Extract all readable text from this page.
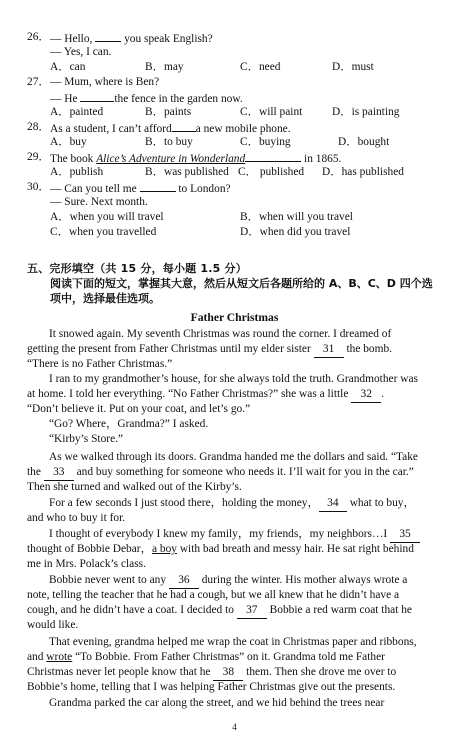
26． — Hello,  you speak English?
— Yes, I can.
A．can	B．may	C．need	D．must
27． — Mum, where is Ben?
— He	the fence in the garden now.
A．painted	B．paints	C．will paint	D．is painting
28． As a student, I can’t afford a new mobile phone.
A．buy	B．to buy	C．buying	D．bought
29． The book Alice’s Adventure in Wonderland	in 1865.
A．publish	B．was published C． published D．has published
30． — Can you tell me	to London?
— Sure. Next month.
A．when you will travel	B．when will you travel
C．when you travelled	D．when did you travel
五、完形填空（共 15 分，每小题 1.5 分）
阅读下面的短文，掌握其大意，然后从短文后各题所给的 A、B、C、D 四个选项中，选择最佳选项。
Father Christmas
It snowed again. My seventh Christmas was round the corner. I dreamed of
getting the present from Father Christmas until my elder sister 31 the bomb.
“There is no Father Christmas.”
I ran to my grandmother’s house, for she always told the truth. Grandmother was
at home. I told her everything. “No Father Christmas?” she was a little 32 .
“Don’t believe it. Put on your coat, and let’s go.”
“Go? Where，Grandma?” I asked.
“Kirby’s Store.”
As we walked through its doors. Grandma handed me the dollars and said. “Take
the 33 and buy something for someone who needs it. I’ll wait for you in the car.”
Then she turned and walked out of the Kirby’s.
For a few seconds I just stood there，holding the money， 34 what to buy，
and who to buy it for.
I thought of everybody I knew my family，my friends，my neighbors…I 35
thought of Bobbie Debar，a boy with bad breath and messy hair. He sat right behind
me in Mrs. Polack’s class.
Bobbie never went to any 36 during the winter. His mother always wrote a
note, telling the teacher that he had a cough, but we all knew that he didn’t have a
cough, and he didn’t have a coat. I decided to 37 Bobbie a red warm coat that he
would like.
That evening, grandma helped me wrap the coat in Christmas paper and ribbons,
and wrote “To Bobbie. From Father Christmas” on it. Grandma told me Father
Christmas never let people know that he 38 them. Then she drove me over to
Bobbie’s home, telling that I was helping Father Christmas give out the presents.
Grandma parked the car along the street, and we hid behind the trees near
4
